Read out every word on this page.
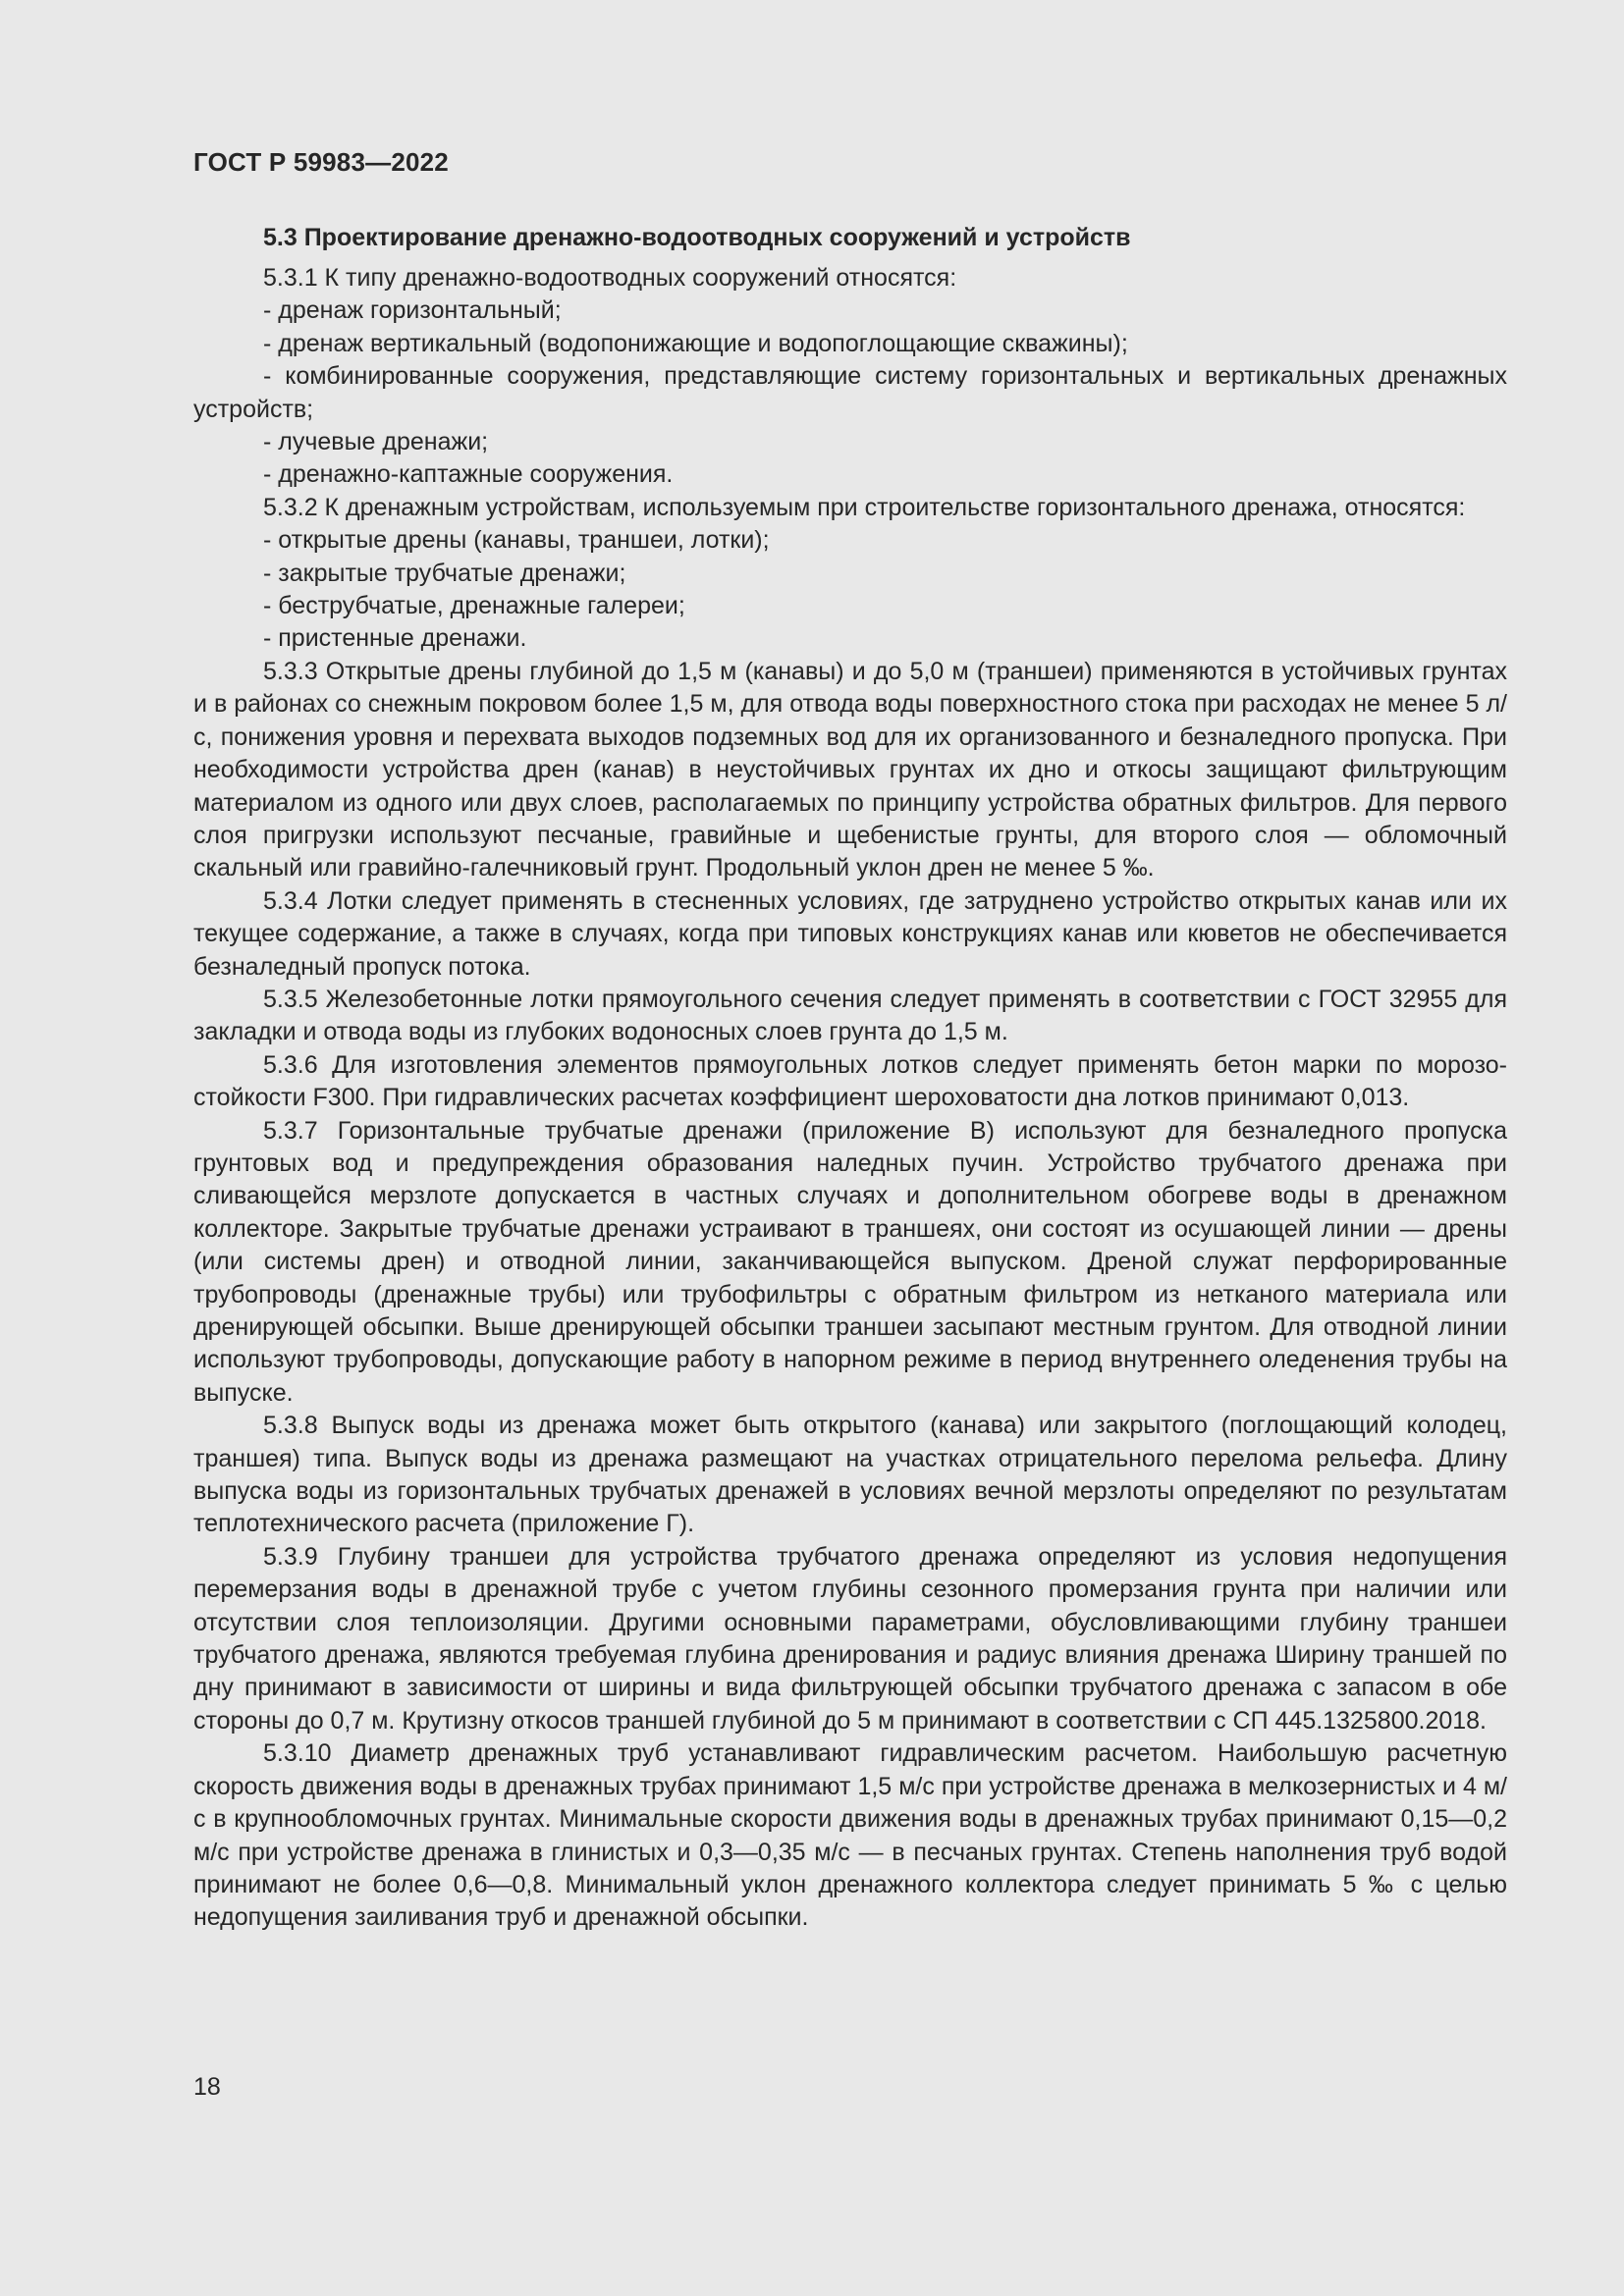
ГОСТ Р 59983—2022
5.3 Проектирование дренажно-водоотводных сооружений и устройств
5.3.1 К типу дренажно-водоотводных сооружений относятся:
- дренаж горизонтальный;
- дренаж вертикальный (водопонижающие и водопоглощающие скважины);
- комбинированные сооружения, представляющие систему горизонтальных и вертикальных дренажных устройств;
- лучевые дренажи;
- дренажно-каптажные сооружения.
5.3.2 К дренажным устройствам, используемым при строительстве горизонтального дренажа, относятся:
- открытые дрены (канавы, траншеи, лотки);
- закрытые трубчатые дренажи;
- беструбчатые, дренажные галереи;
- пристенные дренажи.
5.3.3 Открытые дрены глубиной до 1,5 м (канавы) и до 5,0 м (траншеи) применяются в устойчивых грунтах и в районах со снежным покровом более 1,5 м, для отвода воды поверхностного стока при расходах не менее 5 л/с, понижения уровня и перехвата выходов подземных вод для их организованного и безналедного пропуска. При необходимости устройства дрен (канав) в неустойчивых грунтах их дно и откосы защищают фильтрующим материалом из одного или двух слоев, располагаемых по принципу устройства обратных фильтров. Для первого слоя пригрузки используют песчаные, гравийные и щебенистые грунты, для второго слоя — обломочный скальный или гравийно-галечниковый грунт. Продольный уклон дрен не менее 5 ‰.
5.3.4 Лотки следует применять в стесненных условиях, где затруднено устройство открытых канав или их текущее содержание, а также в случаях, когда при типовых конструкциях канав или кюветов не обеспечивается безналедный пропуск потока.
5.3.5 Железобетонные лотки прямоугольного сечения следует применять в соответствии с ГОСТ 32955 для закладки и отвода воды из глубоких водоносных слоев грунта до 1,5 м.
5.3.6 Для изготовления элементов прямоугольных лотков следует применять бетон марки по морозостойкости F300. При гидравлических расчетах коэффициент шероховатости дна лотков принимают 0,013.
5.3.7 Горизонтальные трубчатые дренажи (приложение В) используют для безналедного пропуска грунтовых вод и предупреждения образования наледных пучин. Устройство трубчатого дренажа при сливающейся мерзлоте допускается в частных случаях и дополнительном обогреве воды в дренажном коллекторе. Закрытые трубчатые дренажи устраивают в траншеях, они состоят из осушающей линии — дрены (или системы дрен) и отводной линии, заканчивающейся выпуском. Дреной служат перфорированные трубопроводы (дренажные трубы) или трубофильтры с обратным фильтром из нетканого материала или дренирующей обсыпки. Выше дренирующей обсыпки траншеи засыпают местным грунтом. Для отводной линии используют трубопроводы, допускающие работу в напорном режиме в период внутреннего оледенения трубы на выпуске.
5.3.8 Выпуск воды из дренажа может быть открытого (канава) или закрытого (поглощающий колодец, траншея) типа. Выпуск воды из дренажа размещают на участках отрицательного перелома рельефа. Длину выпуска воды из горизонтальных трубчатых дренажей в условиях вечной мерзлоты определяют по результатам теплотехнического расчета (приложение Г).
5.3.9 Глубину траншеи для устройства трубчатого дренажа определяют из условия недопущения перемерзания воды в дренажной трубе с учетом глубины сезонного промерзания грунта при наличии или отсутствии слоя теплоизоляции. Другими основными параметрами, обусловливающими глубину траншеи трубчатого дренажа, являются требуемая глубина дренирования и радиус влияния дренажа Ширину траншей по дну принимают в зависимости от ширины и вида фильтрующей обсыпки трубчатого дренажа с запасом в обе стороны до 0,7 м. Крутизну откосов траншей глубиной до 5 м принимают в соответствии с СП 445.1325800.2018.
5.3.10 Диаметр дренажных труб устанавливают гидравлическим расчетом. Наибольшую расчетную скорость движения воды в дренажных трубах принимают 1,5 м/с при устройстве дренажа в мелкозернистых и 4 м/с в крупнообломочных грунтах. Минимальные скорости движения воды в дренажных трубах принимают 0,15—0,2 м/с при устройстве дренажа в глинистых и 0,3—0,35 м/с — в песчаных грунтах. Степень наполнения труб водой принимают не более 0,6—0,8. Минимальный уклон дренажного коллектора следует принимать 5 ‰ с целью недопущения заиливания труб и дренажной обсыпки.
18
